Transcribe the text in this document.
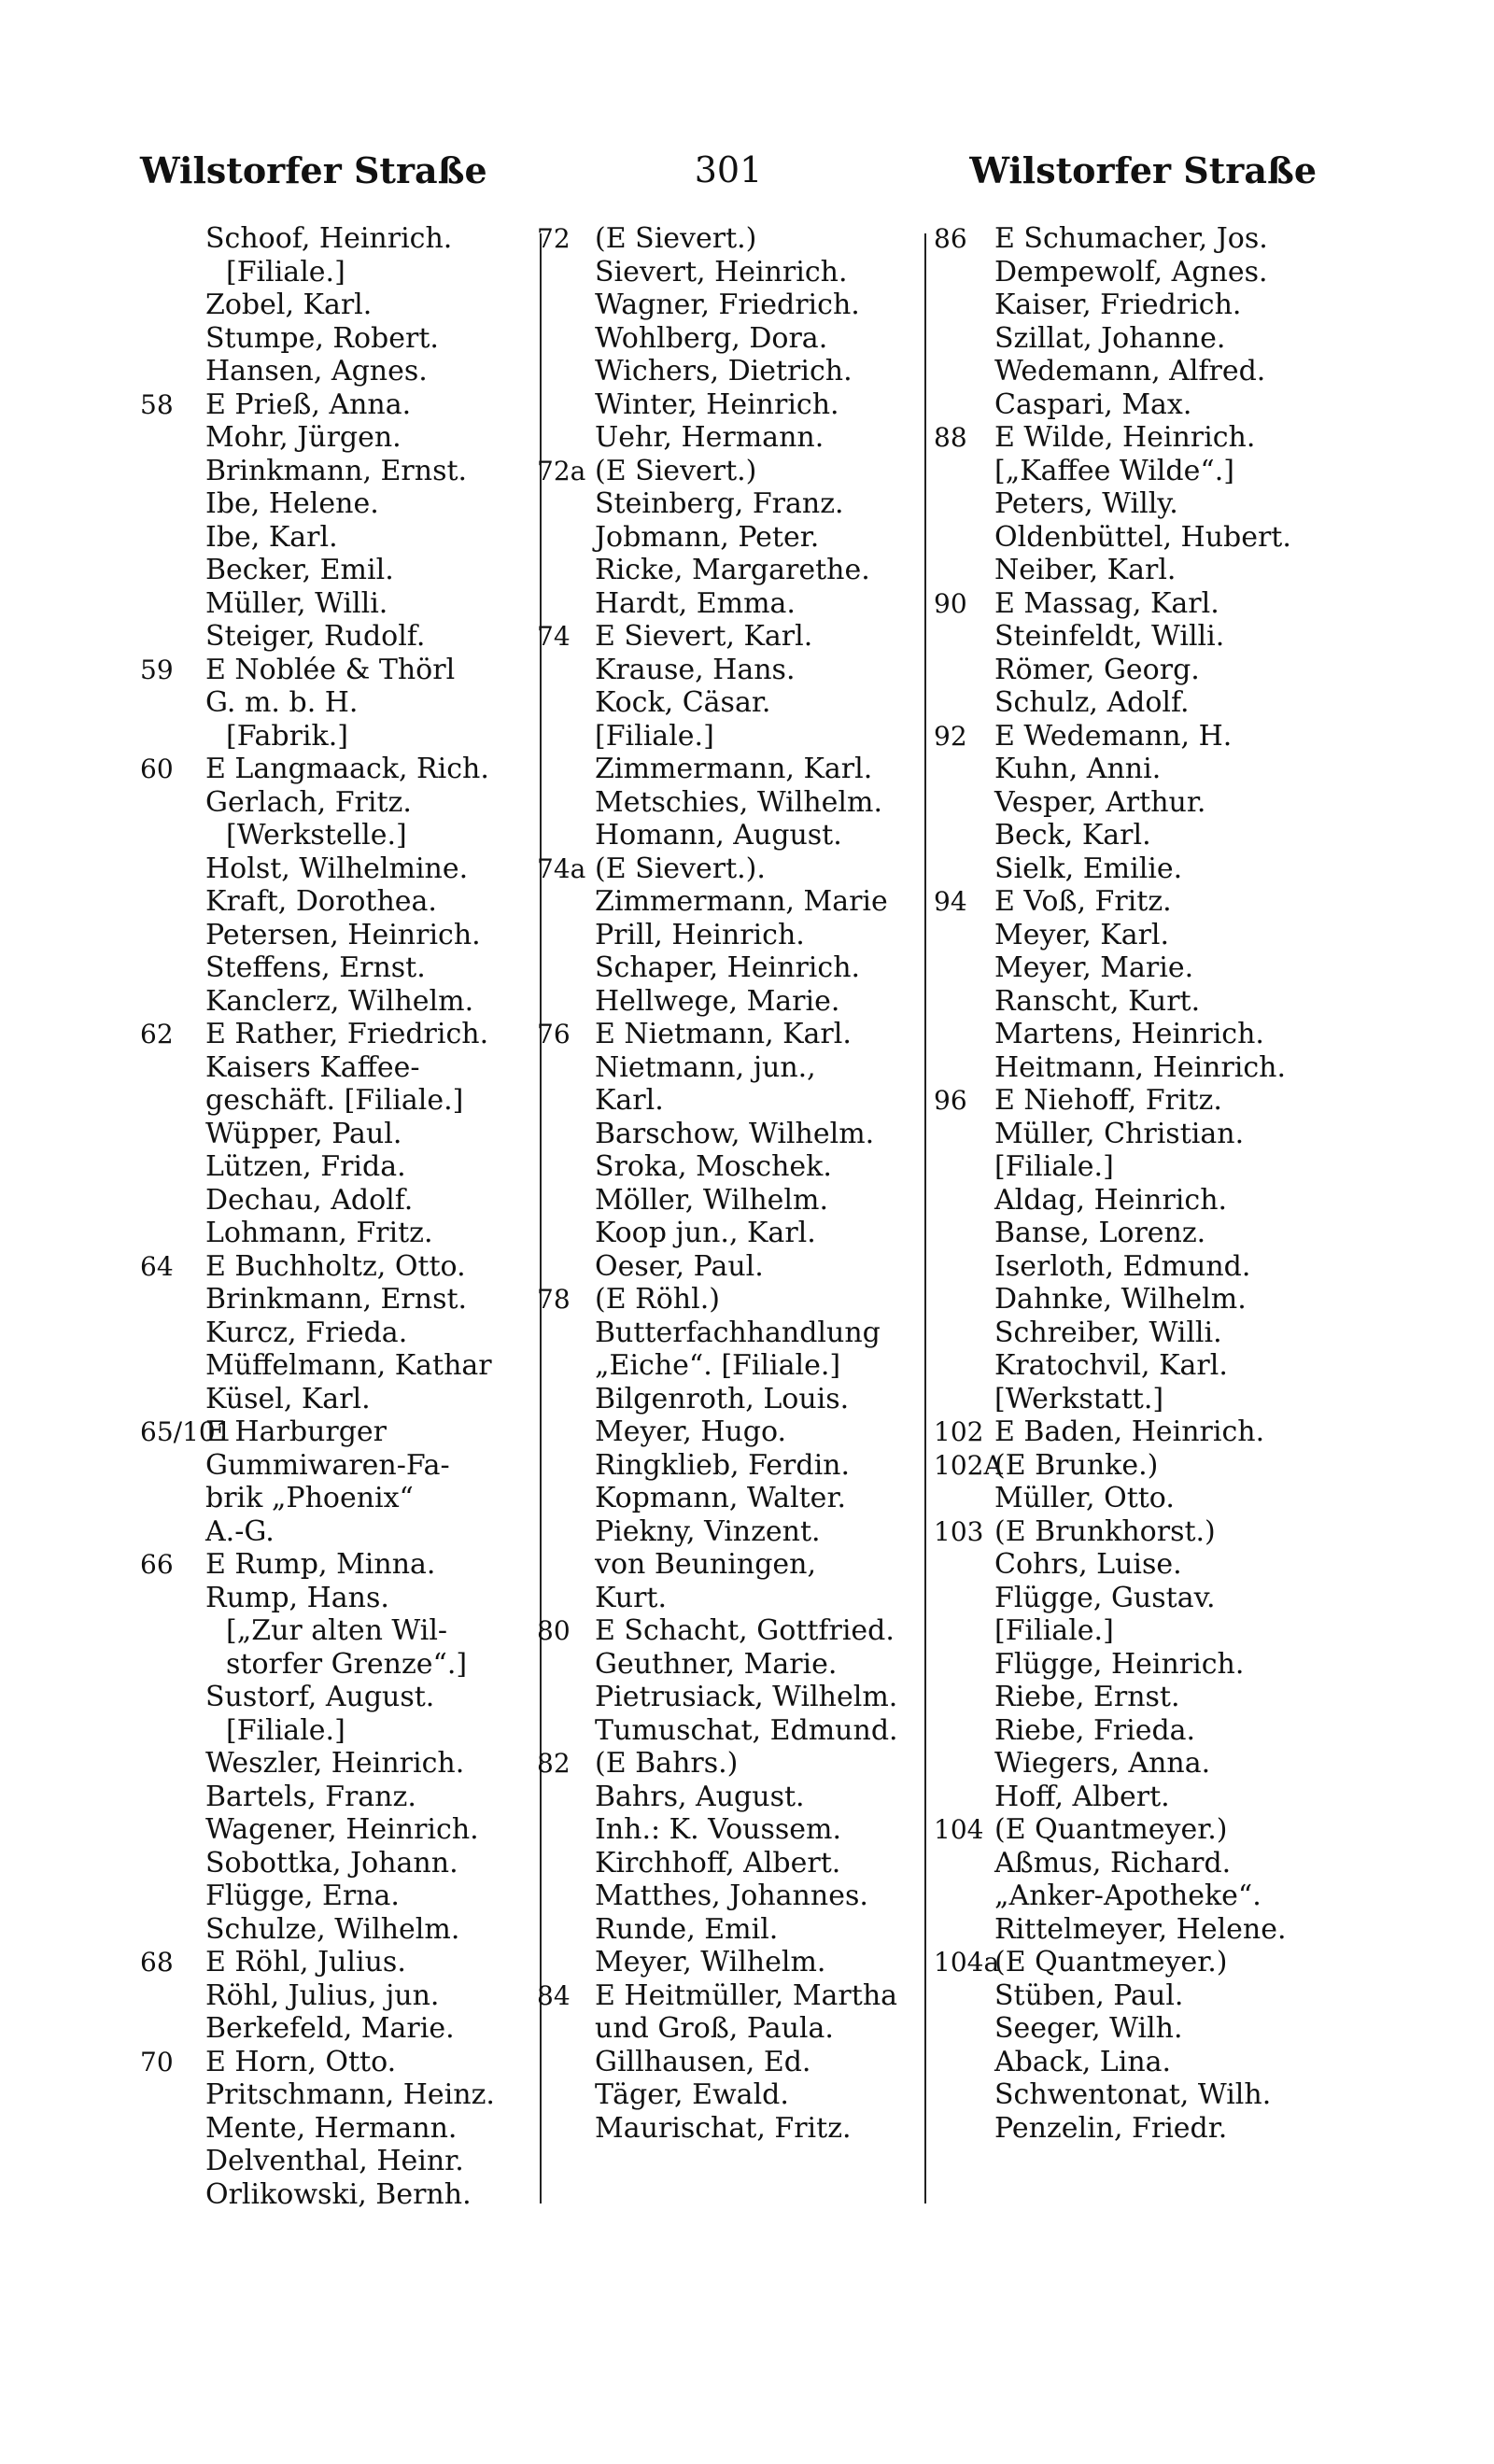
301
Wilstorfer Straße	Wilstorfer Straße
Schoof, Heinrich.
[Filiale.]
Zobel, Karl.
Stumpe, Robert.
Hansen, Agnes.
58 E Prieß, Anna.
Mohr, Jürgen.
Brinkmann, Ernst.
Ibe, Helene.
Ibe, Karl.
Becker, Emil.
Müller, Willi.
Steiger, Rudolf.
59 E Noblée & Thörl
G. m. b. H.
[Fabrik.]
60 E Langmaack, Rich.
Gerlach, Fritz.
[Werkstelle.]
Holst, Wilhelmine.
Kraft, Dorothea.
Petersen, Heinrich.
Steffens, Ernst.
Kanclerz, Wilhelm.
62 E Rather, Friedrich.
Kaisers Kaffee-
geschäft. [Filiale.]
Wüpper, Paul.
Lützen, Frida.
Dechau, Adolf.
Lohmann, Fritz.
64 E Buchholtz, Otto.
Brinkmann, Ernst.
Kurcz, Frieda.
Müffelmann, Kathar
Küsel, Karl.
65/101
E Harburger
Gummiwaren-Fa-
brik „Phoenix“
A.-G.
66 E Rump, Minna.
Rump, Hans.
[„Zur alten Wil-
storfer Grenze“.]
Sustorf, August.
[Filiale.]
Weszler, Heinrich.
Bartels, Franz.
Wagener, Heinrich.
Sobottka, Johann.
Flügge, Erna.
Schulze, Wilhelm.
68 E Röhl, Julius.
Röhl, Julius, jun.
Berkefeld, Marie.
70 E Horn, Otto.
Pritschmann, Heinz.
Mente, Hermann.
Delventhal, Heinr.
Orlikowski, Bernh.
72 (E Sievert.)
Sievert, Heinrich.
Wagner, Friedrich.
Wohlberg, Dora.
Wichers, Dietrich.
Winter, Heinrich.
Uehr, Hermann.
72a (E Sievert.)
Steinberg, Franz.
Jobmann, Peter.
Ricke, Margarethe.
Hardt, Emma.
74 E Sievert, Karl.
Krause, Hans.
Kock, Cäsar.
[Filiale.]
Zimmermann, Karl.
Metschies, Wilhelm.
Homann, August.
74a (E Sievert.).
Zimmermann, Marie
Prill, Heinrich.
Schaper, Heinrich.
Hellwege, Marie.
76 E Nietmann, Karl.
Nietmann, jun.,
Karl.
Barschow, Wilhelm.
Sroka, Moschek.
Möller, Wilhelm.
Koop jun., Karl.
Oeser, Paul.
78 (E Röhl.)
Butterfachhandlung
„Eiche“. [Filiale.]
Bilgenroth, Louis.
Meyer, Hugo.
Ringklieb, Ferdin.
Kopmann, Walter.
Piekny, Vinzent.
von Beuningen,
Kurt.
80 E Schacht, Gottfried.
Geuthner, Marie.
Pietrusiack, Wilhelm.
Tumuschat, Edmund.
82 (E Bahrs.)
Bahrs, August.
Inh.: K. Voussem.
Kirchhoff, Albert.
Matthes, Johannes.
Runde, Emil.
Meyer, Wilhelm.
84 E Heitmüller, Martha
und Groß, Paula.
Gillhausen, Ed.
Täger, Ewald.
Maurischat, Fritz.
86 E Schumacher, Jos.
Dempewolf, Agnes.
Kaiser, Friedrich.
Szillat, Johanne.
Wedemann, Alfred.
Caspari, Max.
88 E Wilde, Heinrich.
[„Kaffee Wilde“.]
Peters, Willy.
Oldenbüttel, Hubert.
Neiber, Karl.
90 E Massag, Karl.
Steinfeldt, Willi.
Römer, Georg.
Schulz, Adolf.
92 E Wedemann, H.
Kuhn, Anni.
Vesper, Arthur.
Beck, Karl.
Sielk, Emilie.
94 E Voß, Fritz.
Meyer, Karl.
Meyer, Marie.
Ranscht, Kurt.
Martens, Heinrich.
Heitmann, Heinrich.
96 E Niehoff, Fritz.
Müller, Christian.
[Filiale.]
Aldag, Heinrich.
Banse, Lorenz.
Iserloth, Edmund.
Dahnke, Wilhelm.
Schreiber, Willi.
Kratochvil, Karl.
[Werkstatt.]
102 E Baden, Heinrich.
102A
(E Brunke.)
Müller, Otto.
103 (E Brunkhorst.)
Cohrs, Luise.
Flügge, Gustav.
[Filiale.]
Flügge, Heinrich.
Riebe, Ernst.
Riebe, Frieda.
Wiegers, Anna.
Hoff, Albert.
104 (E Quantmeyer.)
Aßmus, Richard.
„Anker-Apotheke“.
Rittelmeyer, Helene.
104a
(E Quantmeyer.)
Stüben, Paul.
Seeger, Wilh.
Aback, Lina.
Schwentonat, Wilh.
Penzelin, Friedr.
